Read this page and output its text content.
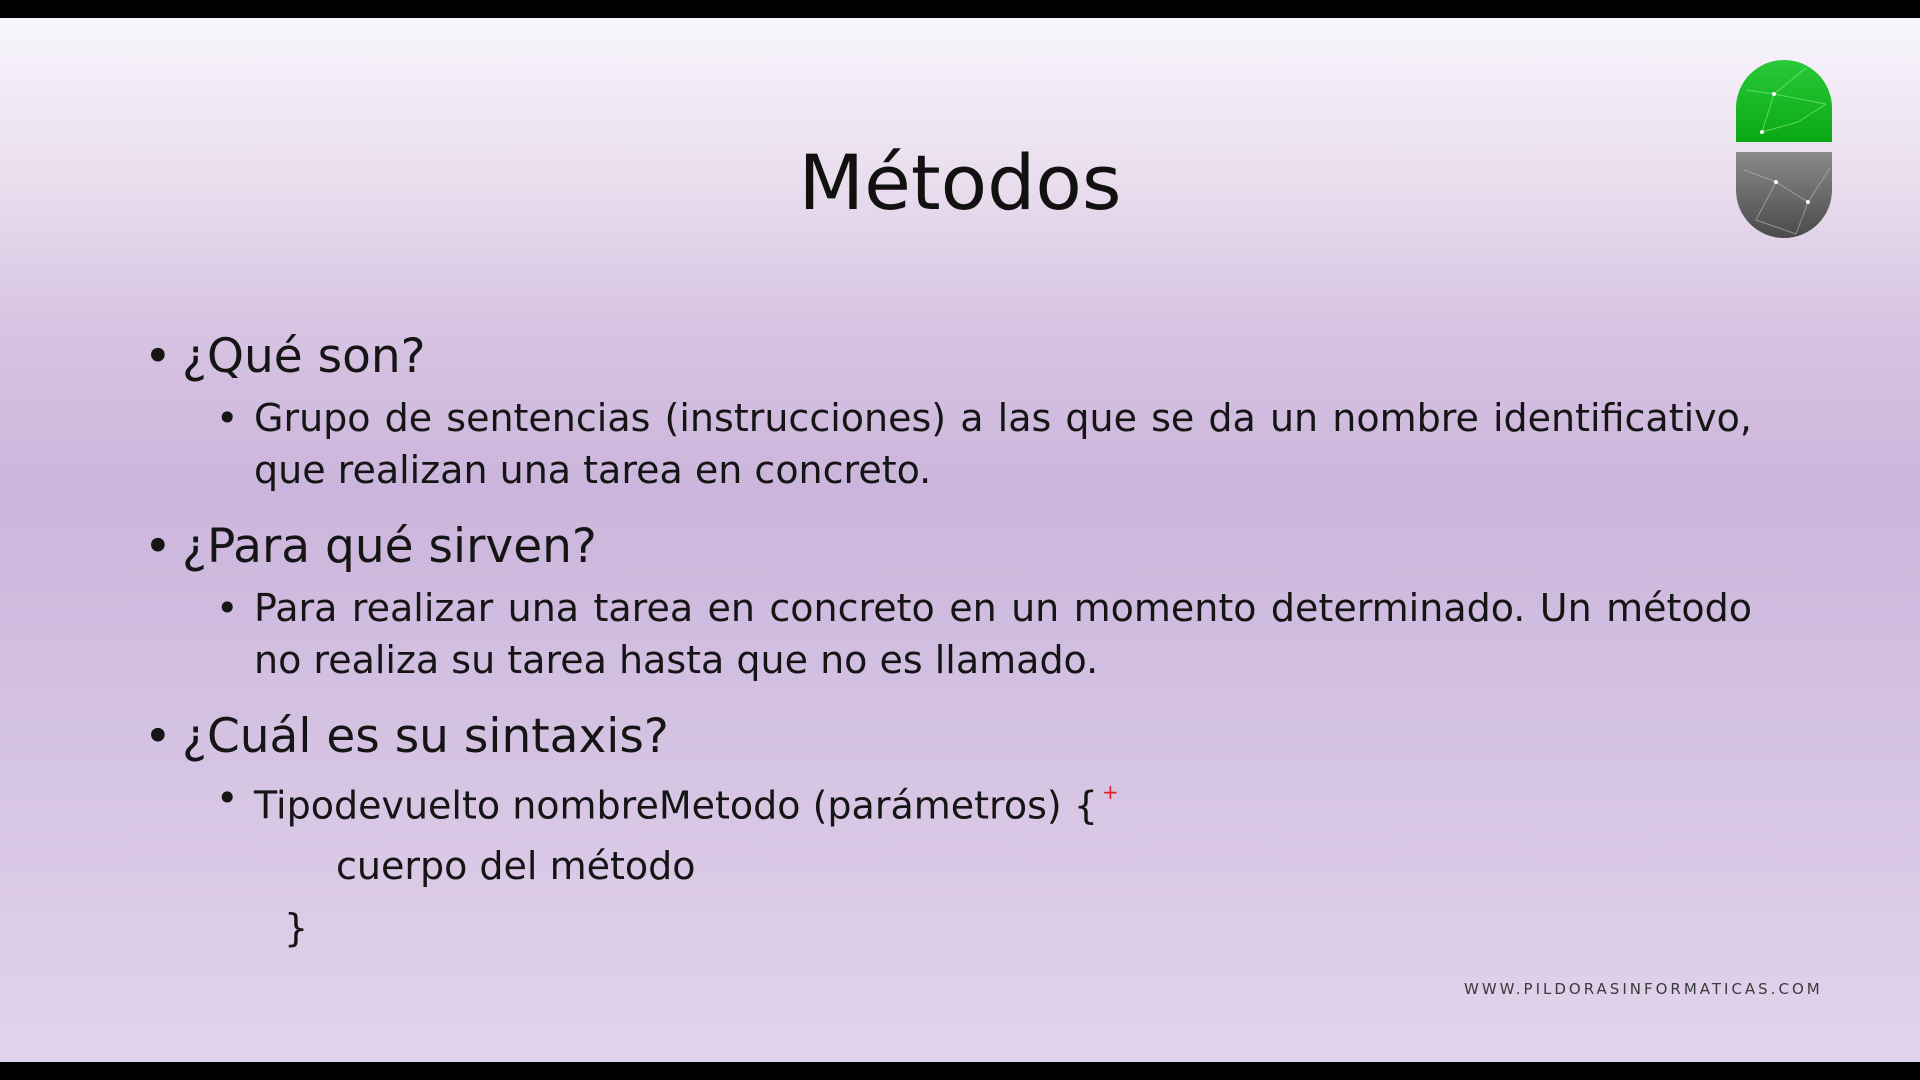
Métodos
• ¿Qué son?
• Grupo de sentencias (instrucciones) a las que se da un nombre identificativo, que realizan una tarea en concreto.
• ¿Para qué sirven?
• Para realizar una tarea en concreto en un momento determinado. Un método no realiza su tarea hasta que no es llamado.
• ¿Cuál es su sintaxis?
• Tipodevuelto nombreMetodo (parámetros) { +
cuerpo del método
}
WWW.PILDORASINFORMATICAS.COM
